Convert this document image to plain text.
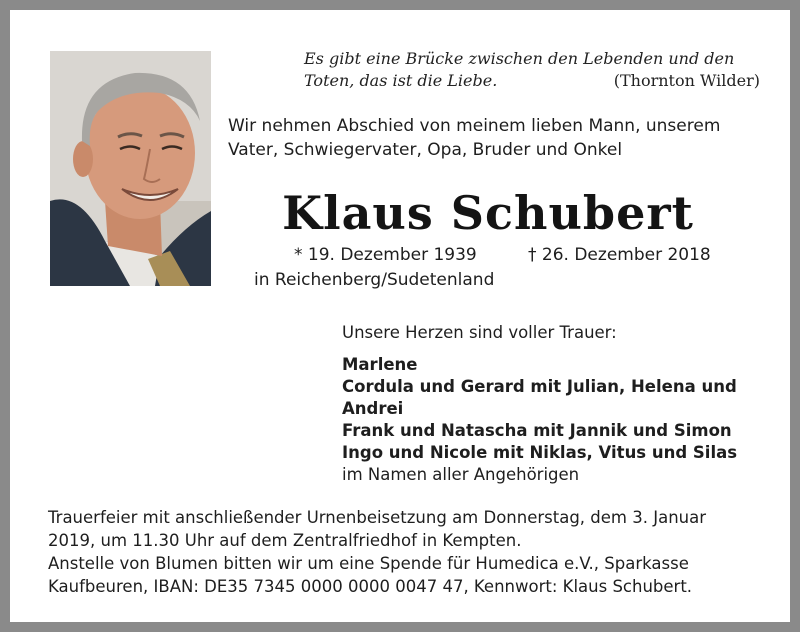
Es gibt eine Brücke zwischen den Lebenden und den
Toten, das ist die Liebe.	(Thornton Wilder)
Wir nehmen Abschied von meinem lieben Mann, unserem
Vater, Schwiegervater, Opa, Bruder und Onkel
Klaus Schubert
* 19. Dezember 1939	† 26. Dezember 2018
in Reichenberg/Sudetenland
Unsere Herzen sind voller Trauer:
Marlene
Cordula und Gerard mit Julian, Helena und
Andrei
Frank und Natascha mit Jannik und Simon
Ingo und Nicole mit Niklas, Vitus und Silas
im Namen aller Angehörigen
Trauerfeier mit anschließender Urnenbeisetzung am Donnerstag, dem 3. Januar
2019, um 11.30 Uhr auf dem Zentralfriedhof in Kempten.
Anstelle von Blumen bitten wir um eine Spende für Humedica e.V., Sparkasse
Kaufbeuren, IBAN: DE35 7345 0000 0000 0047 47, Kennwort: Klaus Schubert.
